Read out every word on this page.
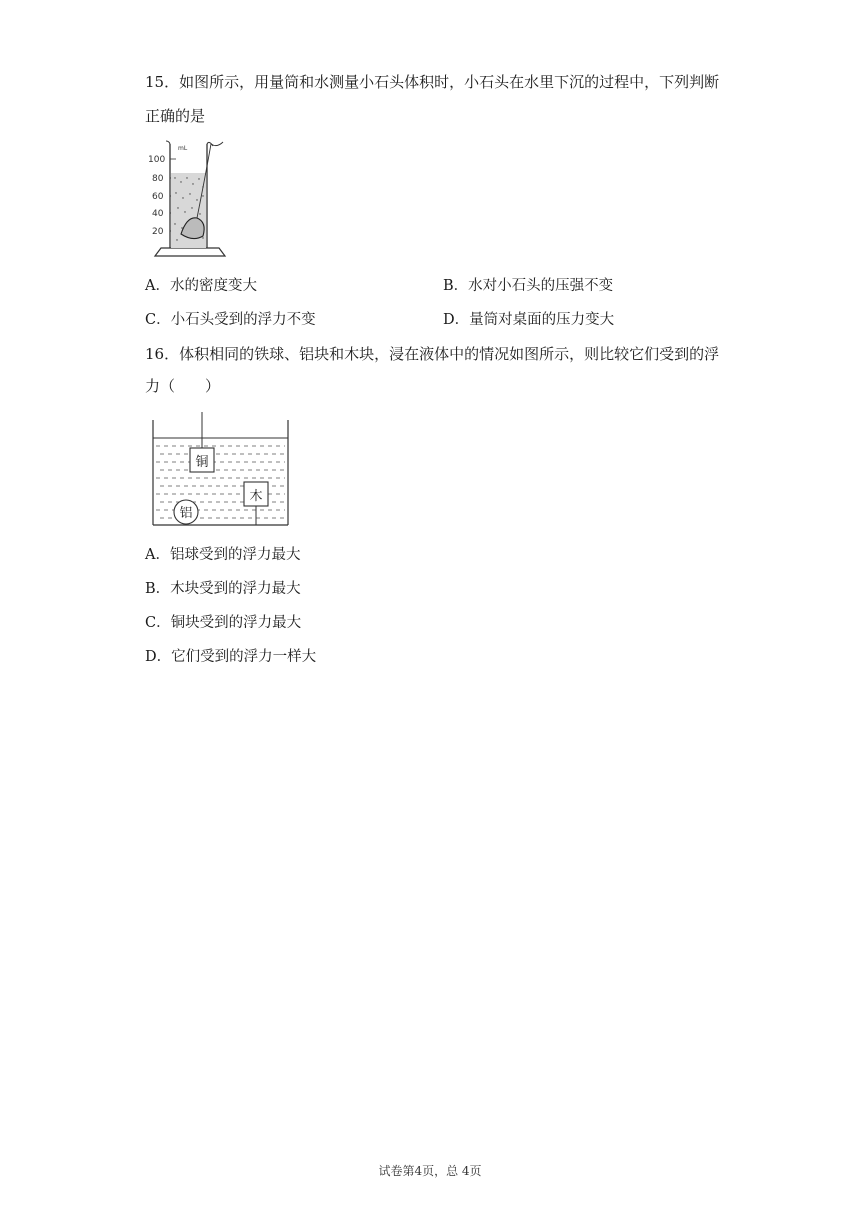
15．如图所示，用量筒和水测量小石头体积时，小石头在水里下沉的过程中，下列判断
正确的是
mL
100
80
60
40
20
A．水的密度变大	B．水对小石头的压强不变
C．小石头受到的浮力不变	D．量筒对桌面的压力变大
16．体积相同的铁球、铝块和木块，浸在液体中的情况如图所示，则比较它们受到的浮
力（　　）
铜
木
铝
A．铝球受到的浮力最大
B．木块受到的浮力最大
C．铜块受到的浮力最大
D．它们受到的浮力一样大
试卷第4页，总 4页
